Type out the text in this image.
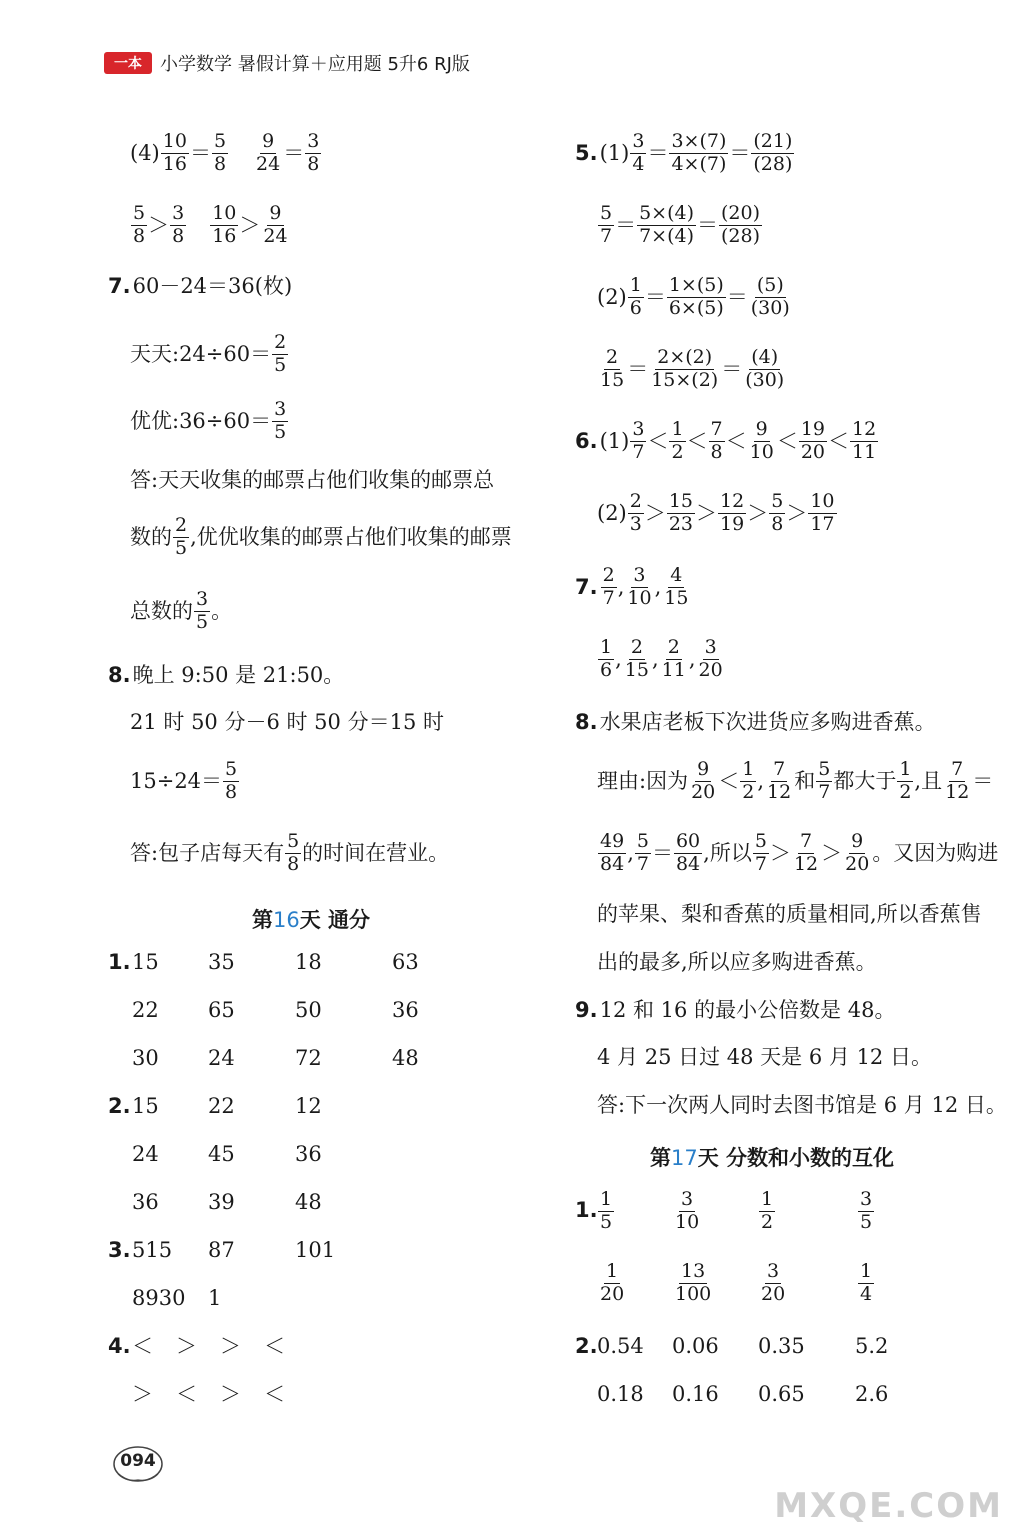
一本	小学数学 暑假计算＋应用题 5升6 RJ版
$(4) \frac{10}{16} = \frac{5}{8} \frac{9}{24} = \frac{3}{8}$
$\frac{5}{8} > \frac{3}{8} \frac{10}{16} > \frac{9}{24}$
7. 60－24＝36(枚)
天天:24÷60＝ $\frac{2}{5}$
优优:36÷60＝ $\frac{3}{5}$
答:天天收集的邮票占他们收集的邮票总
数的 $\frac{2}{5}$ ,优优收集的邮票占他们收集的邮票
总数的 $\frac{3}{5}$ 。
8. 晚上 9:50 是 21:50。
21 时 50 分－6 时 50 分＝15 时
$15\div 24= \frac{5}{8}$
答:包子店每天有 $\frac{5}{8}$ 的时间在营业。
第16天 通分
1. 15 35	18	63
22 65	50	36
30 24	72	48
2. 15 22	12
24 45	36
36 39	48
3. 515 87	101
8930 1
4. ＜ ＞ ＞ ＜
＞ ＜ ＞ ＜
5. $(1) \frac{3}{4} = \frac{3\times(7)}{4\times(7)} = \frac{(21)}{(28)}$
$\frac{5}{7} = \frac{5\times(4)}{7\times(4)} = \frac{(20)}{(28)}$
$(2) \frac{1}{6} = \frac{1\times(5)}{6\times(5)} = \frac{(5)}{(30)}$
$\frac{2}{15} = \frac{2\times(2)}{15\times(2)} = \frac{(4)}{(30)}$
6. $(1) \frac{3}{7} < \frac{1}{2} < \frac{7}{8} < \frac{9}{10} < \frac{19}{20} < \frac{12}{11}$
$(2) \frac{2}{3} > \frac{15}{23} > \frac{12}{19} > \frac{5}{8} > \frac{10}{17}$
7. $\frac{2}{7}$ , $\frac{3}{10}$ , $\frac{4}{15}$
$\frac{1}{6}$ , $\frac{2}{15}$ , $\frac{2}{11}$ , $\frac{3}{20}$
8. 水果店老板下次进货应多购进香蕉。
理由:因为 $\frac{9}{20} < \frac{1}{2}$ , $\frac{7}{12}$ 和 $\frac{5}{7}$ 都大于 $\frac{1}{2}$ ,且 $\frac{7}{12}$ ＝
$\frac{49}{84}$ , $\frac{5}{7} = \frac{60}{84}$ ,所以 $\frac{5}{7} > \frac{7}{12} > \frac{9}{20}$ 。又因为购进
的苹果、梨和香蕉的质量相同,所以香蕉售
出的最多,所以应多购进香蕉。
9. 12 和 16 的最小公倍数是 48。
4 月 25 日过 48 天是 6 月 12 日。
答:下一次两人同时去图书馆是 6 月 12 日。
第17天 分数和小数的互化
1. $\frac{1}{5}$	$\frac{3}{10}$	$\frac{1}{2}$	$\frac{3}{5}$
$\frac{1}{20} \frac{13}{100} \frac{3}{20}$	$\frac{1}{4}$
2. 0.54 0.06 0.35 5.2
0.18 0.16 0.65 2.6
094
MXQE.COM
